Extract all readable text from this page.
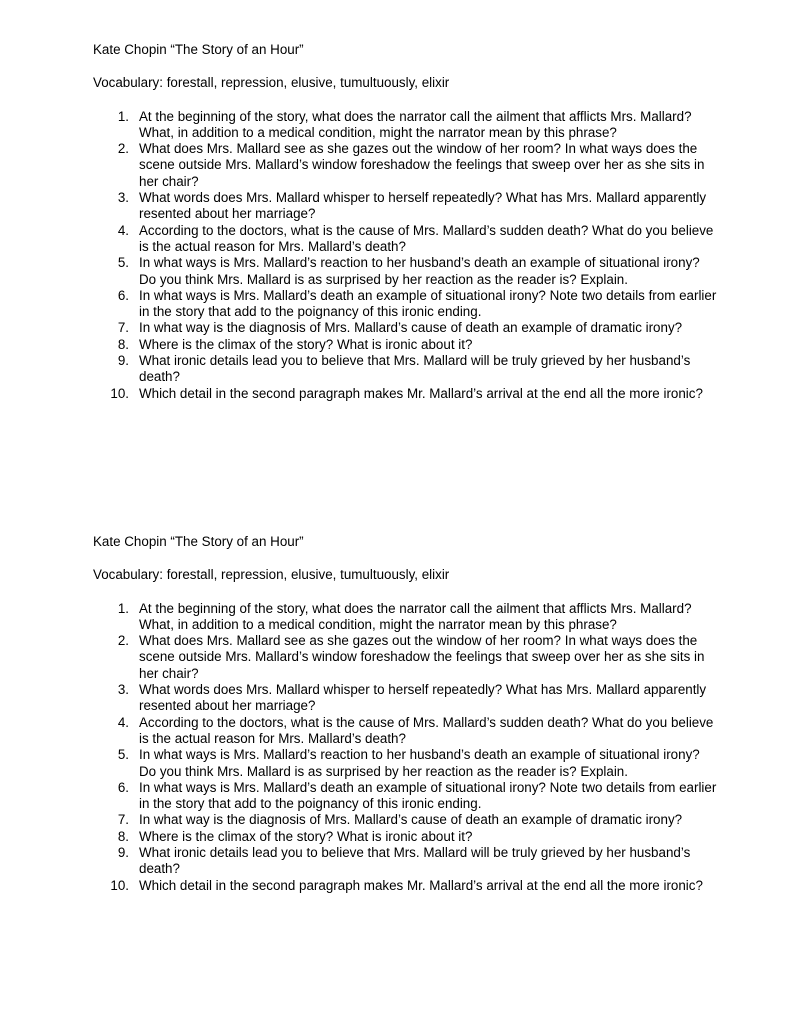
Kate Chopin “The Story of an Hour”

Vocabulary: forestall, repression, elusive, tumultuously, elixir

1. At the beginning of the story, what does the narrator call the ailment that afflicts Mrs. Mallard? What, in addition to a medical condition, might the narrator mean by this phrase?
2. What does Mrs. Mallard see as she gazes out the window of her room? In what ways does the scene outside Mrs. Mallard’s window foreshadow the feelings that sweep over her as she sits in her chair?
3. What words does Mrs. Mallard whisper to herself repeatedly? What has Mrs. Mallard apparently resented about her marriage?
4. According to the doctors, what is the cause of Mrs. Mallard’s sudden death? What do you believe is the actual reason for Mrs. Mallard’s death?
5. In what ways is Mrs. Mallard’s reaction to her husband’s death an example of situational irony? Do you think Mrs. Mallard is as surprised by her reaction as the reader is? Explain.
6. In what ways is Mrs. Mallard’s death an example of situational irony? Note two details from earlier in the story that add to the poignancy of this ironic ending.
7. In what way is the diagnosis of Mrs. Mallard’s cause of death an example of dramatic irony?
8. Where is the climax of the story? What is ironic about it?
9. What ironic details lead you to believe that Mrs. Mallard will be truly grieved by her husband’s death?
10. Which detail in the second paragraph makes Mr. Mallard’s arrival at the end all the more ironic?

Kate Chopin “The Story of an Hour”

Vocabulary: forestall, repression, elusive, tumultuously, elixir

1. At the beginning of the story, what does the narrator call the ailment that afflicts Mrs. Mallard? What, in addition to a medical condition, might the narrator mean by this phrase?
2. What does Mrs. Mallard see as she gazes out the window of her room? In what ways does the scene outside Mrs. Mallard’s window foreshadow the feelings that sweep over her as she sits in her chair?
3. What words does Mrs. Mallard whisper to herself repeatedly? What has Mrs. Mallard apparently resented about her marriage?
4. According to the doctors, what is the cause of Mrs. Mallard’s sudden death? What do you believe is the actual reason for Mrs. Mallard’s death?
5. In what ways is Mrs. Mallard’s reaction to her husband’s death an example of situational irony? Do you think Mrs. Mallard is as surprised by her reaction as the reader is? Explain.
6. In what ways is Mrs. Mallard’s death an example of situational irony? Note two details from earlier in the story that add to the poignancy of this ironic ending.
7. In what way is the diagnosis of Mrs. Mallard’s cause of death an example of dramatic irony?
8. Where is the climax of the story? What is ironic about it?
9. What ironic details lead you to believe that Mrs. Mallard will be truly grieved by her husband’s death?
10. Which detail in the second paragraph makes Mr. Mallard’s arrival at the end all the more ironic?
